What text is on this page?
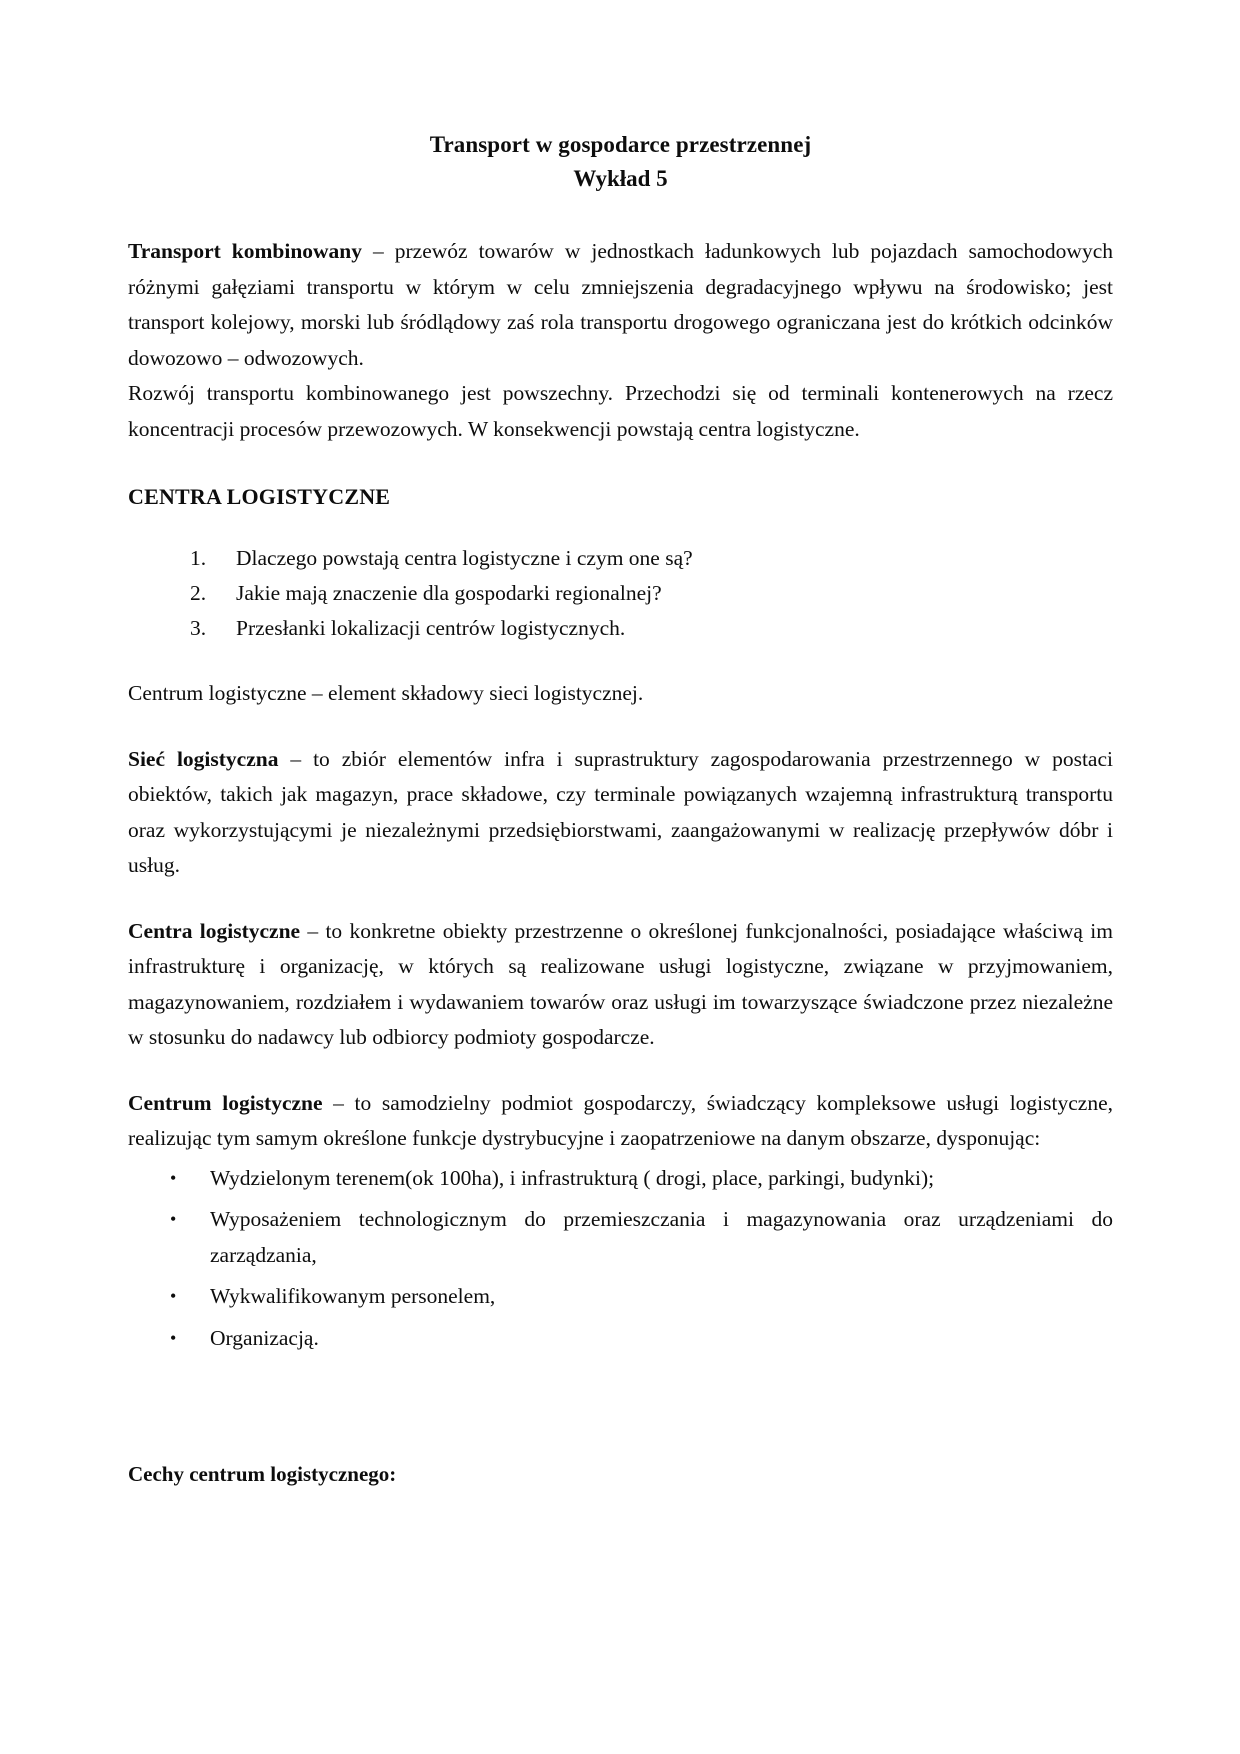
Transport w gospodarce przestrzennej
Wykład 5

Transport kombinowany – przewóz towarów w jednostkach ładunkowych lub pojazdach samochodowych różnymi gałęziami transportu w którym w celu zmniejszenia degradacyjnego wpływu na środowisko; jest transport kolejowy, morski lub śródlądowy zaś rola transportu drogowego ograniczana jest do krótkich odcinków dowozowo – odwozowych.

Rozwój transportu kombinowanego jest powszechny. Przechodzi się od terminali kontenerowych na rzecz koncentracji procesów przewozowych. W konsekwencji powstają centra logistyczne.

CENTRA LOGISTYCZNE
1. Dlaczego powstają centra logistyczne i czym one są?
2. Jakie mają znaczenie dla gospodarki regionalnej?
3. Przesłanki lokalizacji centrów logistycznych.

Centrum logistyczne – element składowy sieci logistycznej.

Sieć logistyczna – to zbiór elementów infra i suprastruktury zagospodarowania przestrzennego w postaci obiektów, takich jak magazyn, prace składowe, czy terminale powiązanych wzajemną infrastrukturą transportu oraz wykorzystującymi je niezależnymi przedsiębiorstwami, zaangażowanymi w realizację przepływów dóbr i usług.

Centra logistyczne – to konkretne obiekty przestrzenne o określonej funkcjonalności, posiadające właściwą im infrastrukturę i organizację, w których są realizowane usługi logistyczne, związane w przyjmowaniem, magazynowaniem, rozdziałem i wydawaniem towarów oraz usługi im towarzyszące świadczone przez niezależne w stosunku do nadawcy lub odbiorcy podmioty gospodarcze.

Centrum logistyczne – to samodzielny podmiot gospodarczy, świadczący kompleksowe usługi logistyczne, realizując tym samym określone funkcje dystrybucyjne i zaopatrzeniowe na danym obszarze, dysponując:

• Wydzielonym terenem(ok 100ha), i infrastrukturą ( drogi, place, parkingi, budynki);
• Wyposażeniem technologicznym do przemieszczania i magazynowania oraz urządzeniami do zarządzania,
• Wykwalifikowanym personelem,
• Organizacją.
Cechy centrum logistycznego:
